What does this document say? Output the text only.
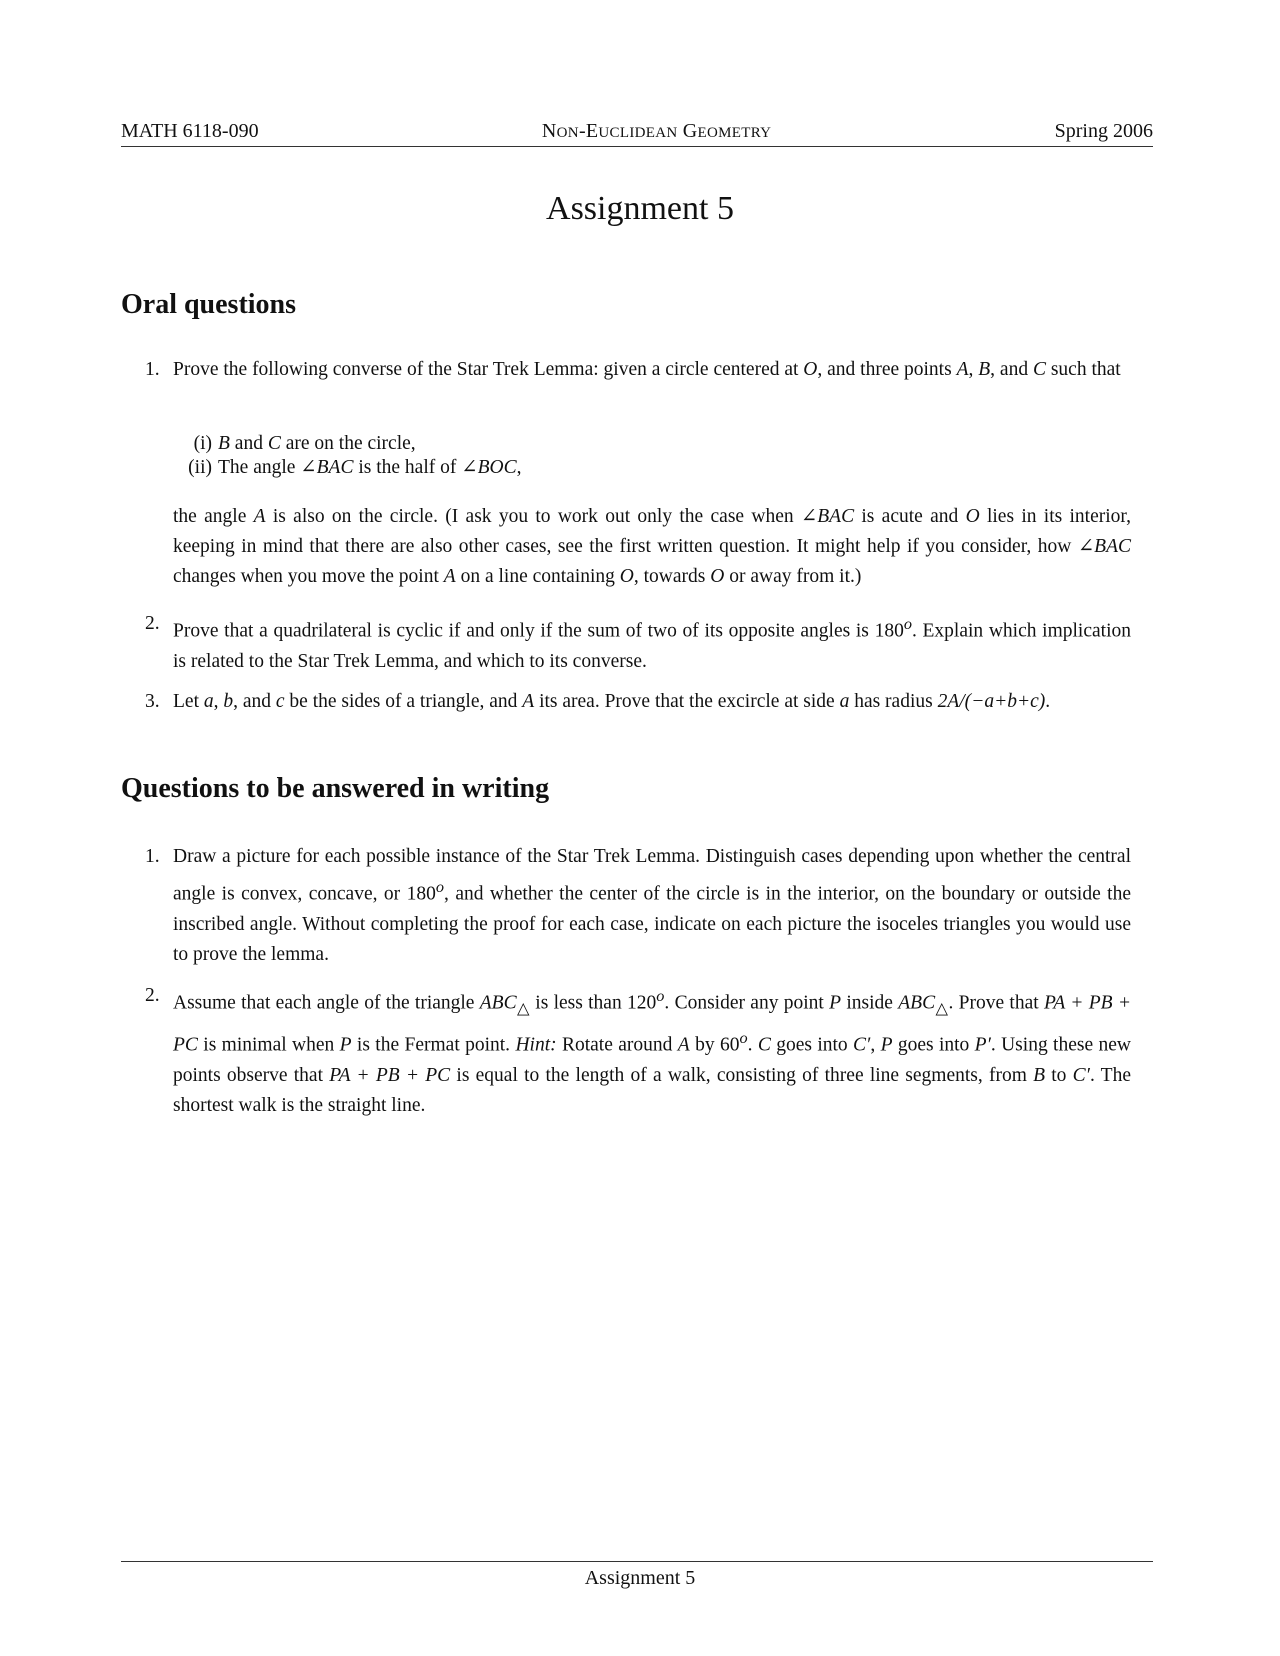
MATH 6118-090	NON-EUCLIDEAN GEOMETRY	Spring 2006
Assignment 5
Oral questions
1. Prove the following converse of the Star Trek Lemma: given a circle centered at O, and three points A, B, and C such that
(i) B and C are on the circle,
(ii) The angle ∠BAC is the half of ∠BOC,
the angle A is also on the circle. (I ask you to work out only the case when ∠BAC is acute and O lies in its interior, keeping in mind that there are also other cases, see the first written question. It might help if you consider, how ∠BAC changes when you move the point A on a line containing O, towards O or away from it.)
2. Prove that a quadrilateral is cyclic if and only if the sum of two of its opposite angles is 180$^o$. Explain which implication is related to the Star Trek Lemma, and which to its converse.
3. Let a, b, and c be the sides of a triangle, and A its area. Prove that the excircle at side a has radius 2A/(−a+b+c).
Questions to be answered in writing
1. Draw a picture for each possible instance of the Star Trek Lemma. Distinguish cases depending upon whether the central angle is convex, concave, or 180$^o$, and whether the center of the circle is in the interior, on the boundary or outside the inscribed angle. Without completing the proof for each case, indicate on each picture the isoceles triangles you would use to prove the lemma.
2. Assume that each angle of the triangle $ABC_\triangle$ is less than 120$^o$. Consider any point P inside $ABC_\triangle$. Prove that PA + PB + PC is minimal when P is the Fermat point. Hint: Rotate around A by 60$^o$. C goes into C′, P goes into P′. Using these new points observe that PA + PB + PC is equal to the length of a walk, consisting of three line segments, from B to C′. The shortest walk is the straight line.
Assignment 5
